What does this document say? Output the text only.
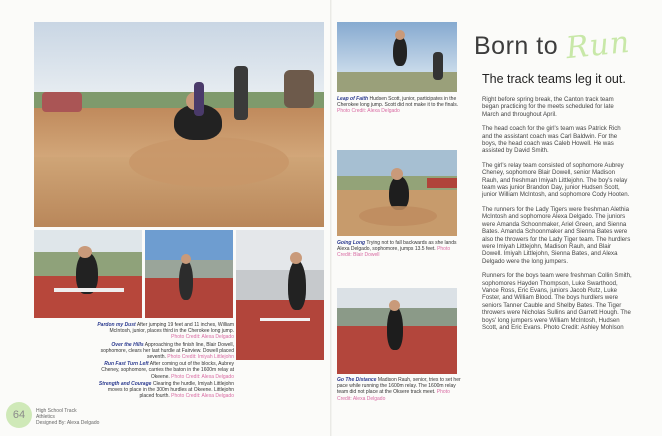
Pardon my Dust After jumping 19 feet and 11 inches, William McIntosh, junior, places third in the Cherokee long jump. Photo Credit: Alexa Delgado
Over the Hills Approaching the finish line, Blair Dowell, sophomore, clears her last hurdle at Fairview. Dowell placed seventh. Photo Credit: Imiyah Littlejohn
Run Fast Turn Left After coming out of the blocks, Aubrey Cheney, sophomore, carries the baton in the 1600m relay at Okeene. Photo Credit: Alexa Delgado
Strength and Courage Clearing the hurdle, Imiyah Littlejohn moves to place in the 300m hurdles at Okeene. Littlejohn placed fourth. Photo Credit: Alexa Delgado
64	High School Track
Athletics
Designed By: Alexa Delgado
Leap of Faith Hudsen Scott, junior, participates in the Cherokee long jump. Scott did not make it to the finals. Photo Credit: Alexa Delgado
Going Long Trying not to fall backwards as she lands Alexa Delgado, sophomore, jumps 13.5 feet. Photo Credit: Blair Dowell
Go The Distance Madison Rauh, senior, tries to set her pace while running the 1600m relay. The 1600m relay team did not place at the Oksere track meet. Photo Credit: Alexa Delgado
Born to Run
The track teams leg it out.

Right before spring break, the Canton track team began practicing for the meets scheduled for late March and throughout April.

The head coach for the girl's team was Patrick Rich and the assistant coach was Carl Baldwin. For the boys, the head coach was Caleb Howell. He was assisted by David Smith.

The girl's relay team consisted of sophomore Aubrey Cheney, sophomore Blair Dowell, senior Madison Rauh, and freshman Imiyah Littlejohn. The boy's relay team was junior Brandon Day, junior Hudsen Scott, junior William McIntosh, and sophomore Cody Hooten.

The runners for the Lady Tigers were freshman Alethia McIntosh and sophomore Alexa Delgado. The juniors were Amanda Schoonmaker, Ariel Green, and Sienna Bates. Amanda Schoonmaker and Sienna Bates were also the throwers for the Lady Tiger team. The hurdlers were Imiyah Littlejohn, Madison Rauh, and Blair Dowell. Imiyah Littlejohn, Sienna Bates, and Alexa Delgado were the long jumpers.

Runners for the boys team were freshman Collin Smith, sophomores Hayden Thompson, Luke Swarthood, Vance Ross, Eric Evans, juniors Jacob Rutz, Luke Foster, and William Blood. The boys hurdlers were seniors Tanner Cauble and Shelby Bates. The Tiger throwers were Nicholas Sullins and Garrett Hough. The boys' long jumpers were William McIntosh, Hudsen Scott, and Eric Evans. Photo Credit: Ashley Mohlson
